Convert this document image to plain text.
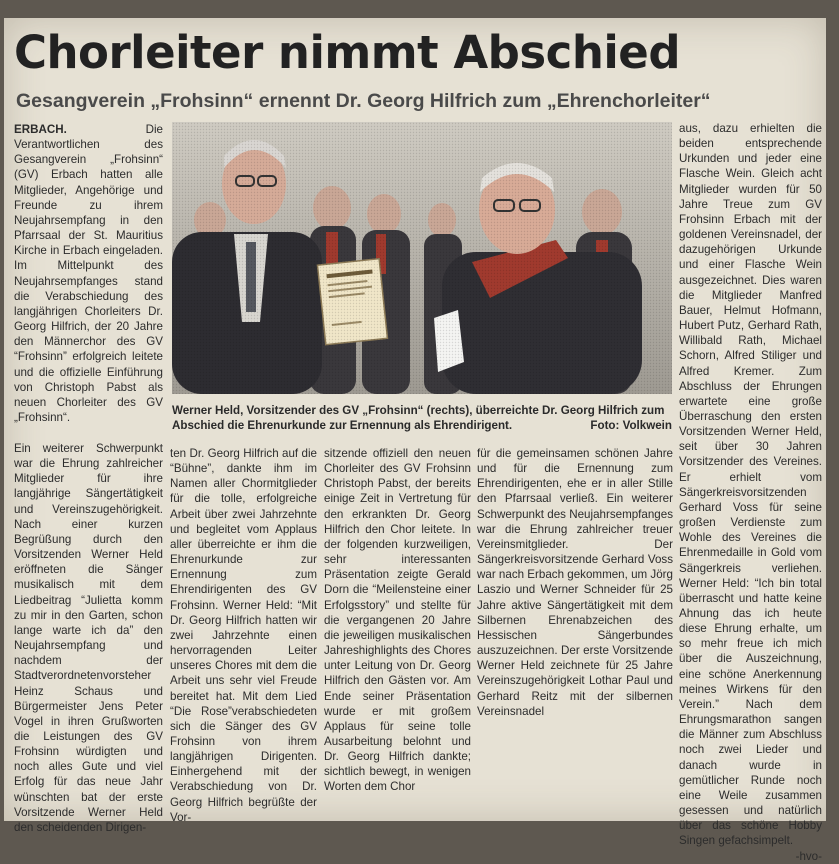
Chorleiter nimmt Abschied
Gesangverein „Frohsinn“ ernennt Dr. Georg Hilfrich zum „Ehrenchorleiter“

ERBACH.	Die Verantwortlichen des Gesangverein „Frohsinn“ (GV) Erbach hatten alle Mitglieder, Angehörige und Freunde zu ihrem Neujahrsempfang in den Pfarrsaal der St. Mauritius Kirche in Erbach eingeladen. Im Mittelpunkt des Neujahrsempfanges stand die Verabschiedung des langjährigen Chorleiters Dr. Georg Hilfrich, der 20 Jahre den Männerchor des GV “Frohsinn” erfolgreich leitete und die offizielle Einführung von Christoph Pabst als neuen Chorleiter des GV „Frohsinn“.

Werner Held, Vorsitzender des GV „Frohsinn“ (rechts), überreichte Dr. Georg Hilfrich zum Abschied die Ehrenurkunde zur Ernennung als Ehrendirigent.	Foto: Volkwein

Ein weiterer Schwerpunkt war die Ehrung zahlreicher Mitglieder für ihre langjährige Sängertätigkeit und Vereinszugehörigkeit. Nach einer kurzen Begrüßung durch den Vorsitzenden Werner Held eröffneten die Sänger musikalisch mit dem Liedbeitrag “Julietta komm zu mir in den Garten, schon lange warte ich da” den Neujahrsempfang und nachdem der Stadtverordnetenvorsteher Heinz Schaus und Bürgermeister Jens Peter Vogel in ihren Grußworten die Leistungen des GV Frohsinn würdigten und noch alles Gute und viel Erfolg für das neue Jahr wünschten bat der erste Vorsitzende Werner Held den scheidenden Dirigen-

ten Dr. Georg Hilfrich auf die “Bühne”, dankte ihm im Namen aller Chormitglieder für die tolle, erfolgreiche Arbeit über zwei Jahrzehnte und begleitet vom Applaus aller überreichte er ihm die Ehrenurkunde zur Ernennung zum Ehrendirigenten des GV Frohsinn. Werner Held: “Mit Dr. Georg Hilfrich hatten wir zwei Jahrzehnte einen hervorragenden Leiter unseres Chores mit dem die Arbeit uns sehr viel Freude bereitet hat. Mit dem Lied “Die Rose”verabschiedeten sich die Sänger des GV Frohsinn von ihrem langjährigen Dirigenten. Einhergehend mit der Verabschiedung von Dr. Georg Hilfrich begrüßte der Vor-

sitzende offiziell den neuen Chorleiter des GV Frohsinn Christoph Pabst, der bereits einige Zeit in Vertretung für den erkrankten Dr. Georg Hilfrich den Chor leitete. In der folgenden kurzweiligen, sehr interessanten Präsentation zeigte Gerald Dorn die “Meilensteine einer Erfolgsstory” und stellte für die vergangenen 20 Jahre die jeweiligen musikalischen Jahreshighlights des Chores unter Leitung von Dr. Georg Hilfrich den Gästen vor. Am Ende seiner Präsentation wurde er mit großem Applaus für seine tolle Ausarbeitung belohnt und Dr. Georg Hilfrich dankte; sichtlich bewegt, in wenigen Worten dem Chor

für die gemeinsamen schönen Jahre und für die Ernennung zum Ehrendirigenten, ehe er in aller Stille den Pfarrsaal verließ. Ein weiterer Schwerpunkt des Neujahrsempfanges war die Ehrung zahlreicher treuer Vereinsmitglieder. Der Sängerkreisvorsitzende Gerhard Voss war nach Erbach gekommen, um Jörg Laszio und Werner Schneider für 25 Jahre aktive Sängertätigkeit mit dem Silbernen Ehrenabzeichen des Hessischen Sängerbundes auszuzeichnen. Der erste Vorsitzende Werner Held zeichnete für 25 Jahre Vereinszugehörigkeit Lothar Paul und Gerhard Reitz mit der silbernen Vereinsnadel

aus, dazu erhielten die beiden entsprechende Urkunden und jeder eine Flasche Wein. Gleich acht Mitglieder wurden für 50 Jahre Treue zum GV Frohsinn Erbach mit der goldenen Vereinsnadel, der dazugehörigen Urkunde und einer Flasche Wein ausgezeichnet. Dies waren die Mitglieder Manfred Bauer, Helmut Hofmann, Hubert Putz, Gerhard Rath, Willibald Rath, Michael Schorn, Alfred Stiliger und Alfred Kremer. Zum Abschluss der Ehrungen erwartete eine große Überraschung den ersten Vorsitzenden Werner Held, seit über 30 Jahren Vorsitzender des Vereines. Er erhielt vom Sängerkreisvorsitzenden Gerhard Voss für seine großen Verdienste zum Wohle des Vereines die Ehrenmedaille in Gold vom Sängerkreis verliehen. Werner Held: “Ich bin total überrascht und hatte keine Ahnung das ich heute diese Ehrung erhalte, um so mehr freue ich mich über die Auszeichnung, eine schöne Anerkennung meines Wirkens für den Verein.” Nach dem Ehrungsmarathon sangen die Männer zum Abschluss noch zwei Lieder und danach wurde in gemütlicher Runde noch eine Weile zusammen gesessen und natürlich über das schöne Hobby Singen gefachsimpelt.

-hvo-
